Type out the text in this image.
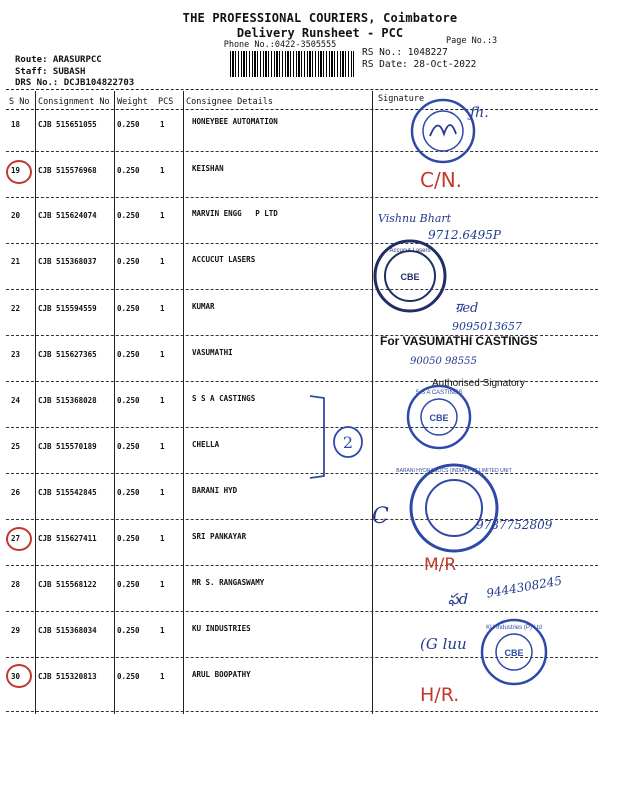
THE PROFESSIONAL COURIERS, Coimbatore
Delivery Runsheet - PCC
Phone No.:0422-3505555	Page No.:3
Route: ARASURPCC
Staff: SUBASH
DRS No.: DCJB104822703
RS No.: 1048227
RS Date: 28-Oct-2022
S No Consignment No Weight PCS Consignee Details	Signature
18 CJB 515651055	0.250	1	HONEYBEE AUTOMATION
19 CJB 515576968	0.250	1	KEISHAN
20 CJB 515624074	0.250	1	MARVIN ENGG   P LTD
21 CJB 515368037	0.250	1	ACCUCUT LASERS
22 CJB 515594559	0.250	1	KUMAR
23 CJB 515627365	0.250	1	VASUMATHI
24 CJB 515368028	0.250	1	S S A CASTINGS
25 CJB 515570189	0.250	1	CHELLA
26 CJB 515542845	0.250	1	BARANI HYD
27 CJB 515627411	0.250	1	SRI PANKAYAR
28 CJB 515568122	0.250	1	MR S. RANGASWAMY
29 CJB 515368034	0.250	1	KU INDUSTRIES
30 CJB 515320813	0.250	1	ARUL BOOPATHY
ƒh.
C/N.
Vishnu Bhart
9712.6495P
CBE
Accucut Lasers
ग्रed
9095013657
For VASUMATHI CASTINGS
90050 98555
Authorised Signatory
CBE
S S A CASTINGS
2
BARANI HYDRAULICS (INDIA) PVT LIMITED UNIT
C	9787752809
M/R
ఫd 9444308245
CBE
KU Industries (P) Ltd
(G luu
H/R.
